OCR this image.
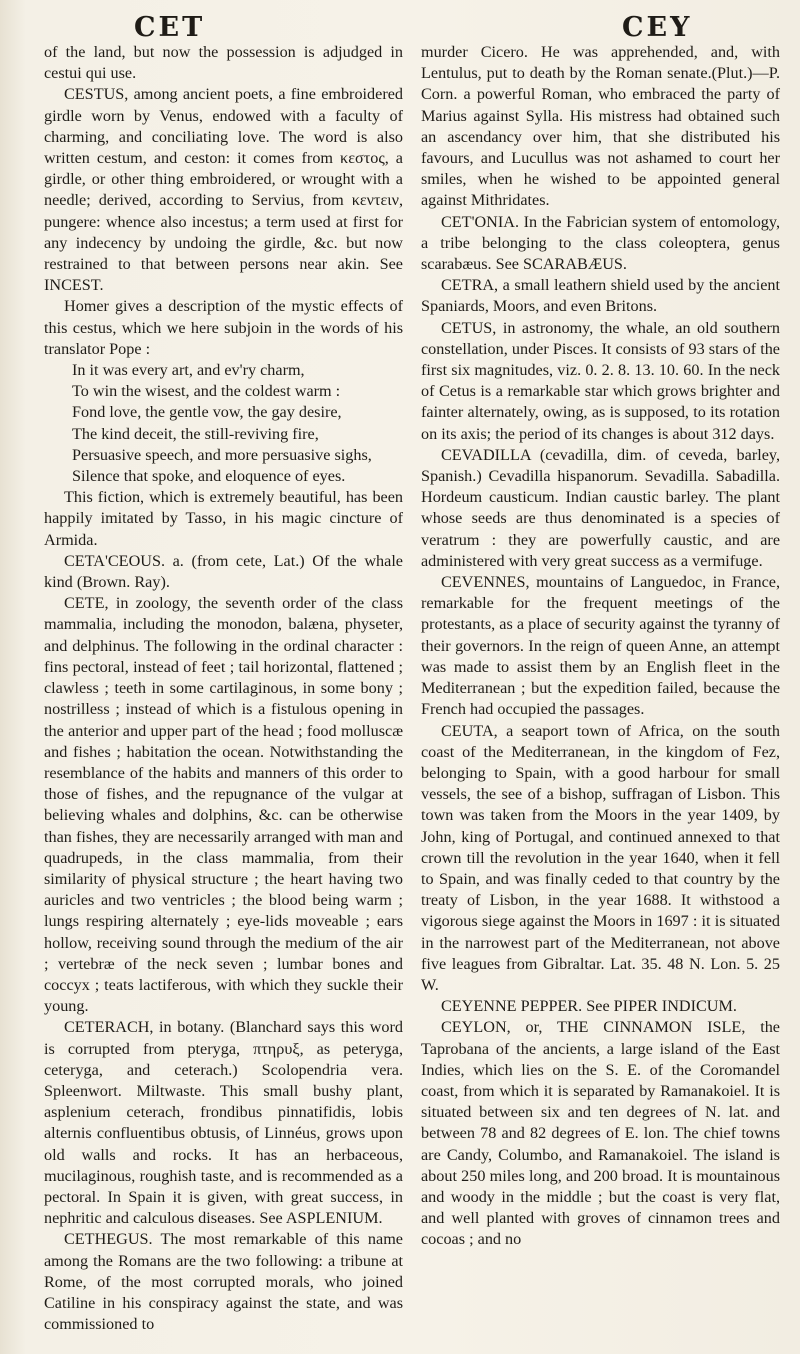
CET	CEY

of the land, but now the possession is adjudged in cestui qui use.

CESTUS, among ancient poets, a fine embroidered girdle worn by Venus, endowed with a faculty of charming, and conciliating love. The word is also written cestum, and ceston: it comes from κεστος, a girdle, or other thing embroidered, or wrought with a needle; derived, according to Servius, from κεντειν, pungere: whence also incestus; a term used at first for any indecency by undoing the girdle, &c. but now restrained to that between persons near akin. See INCEST.

Homer gives a description of the mystic effects of this cestus, which we here subjoin in the words of his translator Pope :

In it was every art, and ev'ry charm,

To win the wisest, and the coldest warm :

Fond love, the gentle vow, the gay desire,

The kind deceit, the still-reviving fire,

Persuasive speech, and more persuasive sighs,

Silence that spoke, and eloquence of eyes.

This fiction, which is extremely beautiful, has been happily imitated by Tasso, in his magic cincture of Armida.

CETA'CEOUS. a. (from cete, Lat.) Of the whale kind (Brown. Ray).

CETE, in zoology, the seventh order of the class mammalia, including the monodon, balæna, physeter, and delphinus. The following in the ordinal character : fins pectoral, instead of feet ; tail horizontal, flattened ; clawless ; teeth in some cartilaginous, in some bony ; nostrilless ; instead of which is a fistulous opening in the anterior and upper part of the head ; food molluscæ and fishes ; habitation the ocean. Notwithstanding the resemblance of the habits and manners of this order to those of fishes, and the repugnance of the vulgar at believing whales and dolphins, &c. can be otherwise than fishes, they are necessarily arranged with man and quadrupeds, in the class mammalia, from their similarity of physical structure ; the heart having two auricles and two ventricles ; the blood being warm ; lungs respiring alternately ; eye-lids moveable ; ears hollow, receiving sound through the medium of the air ; vertebræ of the neck seven ; lumbar bones and coccyx ; teats lactiferous, with which they suckle their young.

CETERACH, in botany. (Blanchard says this word is corrupted from pteryga, πτηρυξ, as peteryga, ceteryga, and ceterach.) Scolopendria vera. Spleenwort. Miltwaste. This small bushy plant, asplenium ceterach, frondibus pinnatifidis, lobis alternis confluentibus obtusis, of Linnéus, grows upon old walls and rocks. It has an herbaceous, mucilaginous, roughish taste, and is recommended as a pectoral. In Spain it is given, with great success, in nephritic and calculous diseases. See ASPLENIUM.

CETHEGUS. The most remarkable of this name among the Romans are the two following: a tribune at Rome, of the most corrupted morals, who joined Catiline in his conspiracy against the state, and was commissioned to

murder Cicero. He was apprehended, and, with Lentulus, put to death by the Roman senate.(Plut.)—P. Corn. a powerful Roman, who embraced the party of Marius against Sylla. His mistress had obtained such an ascendancy over him, that she distributed his favours, and Lucullus was not ashamed to court her smiles, when he wished to be appointed general against Mithridates.

CET'ONIA. In the Fabrician system of entomology, a tribe belonging to the class coleoptera, genus scarabæus. See SCARABÆUS.

CETRA, a small leathern shield used by the ancient Spaniards, Moors, and even Britons.

CETUS, in astronomy, the whale, an old southern constellation, under Pisces. It consists of 93 stars of the first six magnitudes, viz. 0. 2. 8. 13. 10. 60. In the neck of Cetus is a remarkable star which grows brighter and fainter alternately, owing, as is supposed, to its rotation on its axis; the period of its changes is about 312 days.

CEVADILLA (cevadilla, dim. of ceveda, barley, Spanish.) Cevadilla hispanorum. Sevadilla. Sabadilla. Hordeum causticum. Indian caustic barley. The plant whose seeds are thus denominated is a species of veratrum : they are powerfully caustic, and are administered with very great success as a vermifuge.

CEVENNES, mountains of Languedoc, in France, remarkable for the frequent meetings of the protestants, as a place of security against the tyranny of their governors. In the reign of queen Anne, an attempt was made to assist them by an English fleet in the Mediterranean ; but the expedition failed, because the French had occupied the passages.

CEUTA, a seaport town of Africa, on the south coast of the Mediterranean, in the kingdom of Fez, belonging to Spain, with a good harbour for small vessels, the see of a bishop, suffragan of Lisbon. This town was taken from the Moors in the year 1409, by John, king of Portugal, and continued annexed to that crown till the revolution in the year 1640, when it fell to Spain, and was finally ceded to that country by the treaty of Lisbon, in the year 1688. It withstood a vigorous siege against the Moors in 1697 : it is situated in the narrowest part of the Mediterranean, not above five leagues from Gibraltar. Lat. 35. 48 N. Lon. 5. 25 W.

CEYENNE PEPPER. See PIPER INDICUM.

CEYLON, or, THE CINNAMON ISLE, the Taprobana of the ancients, a large island of the East Indies, which lies on the S. E. of the Coromandel coast, from which it is separated by Ramanakoiel. It is situated between six and ten degrees of N. lat. and between 78 and 82 degrees of E. lon. The chief towns are Candy, Columbo, and Ramanakoiel. The island is about 250 miles long, and 200 broad. It is mountainous and woody in the middle ; but the coast is very flat, and well planted with groves of cinnamon trees and cocoas ; and no
